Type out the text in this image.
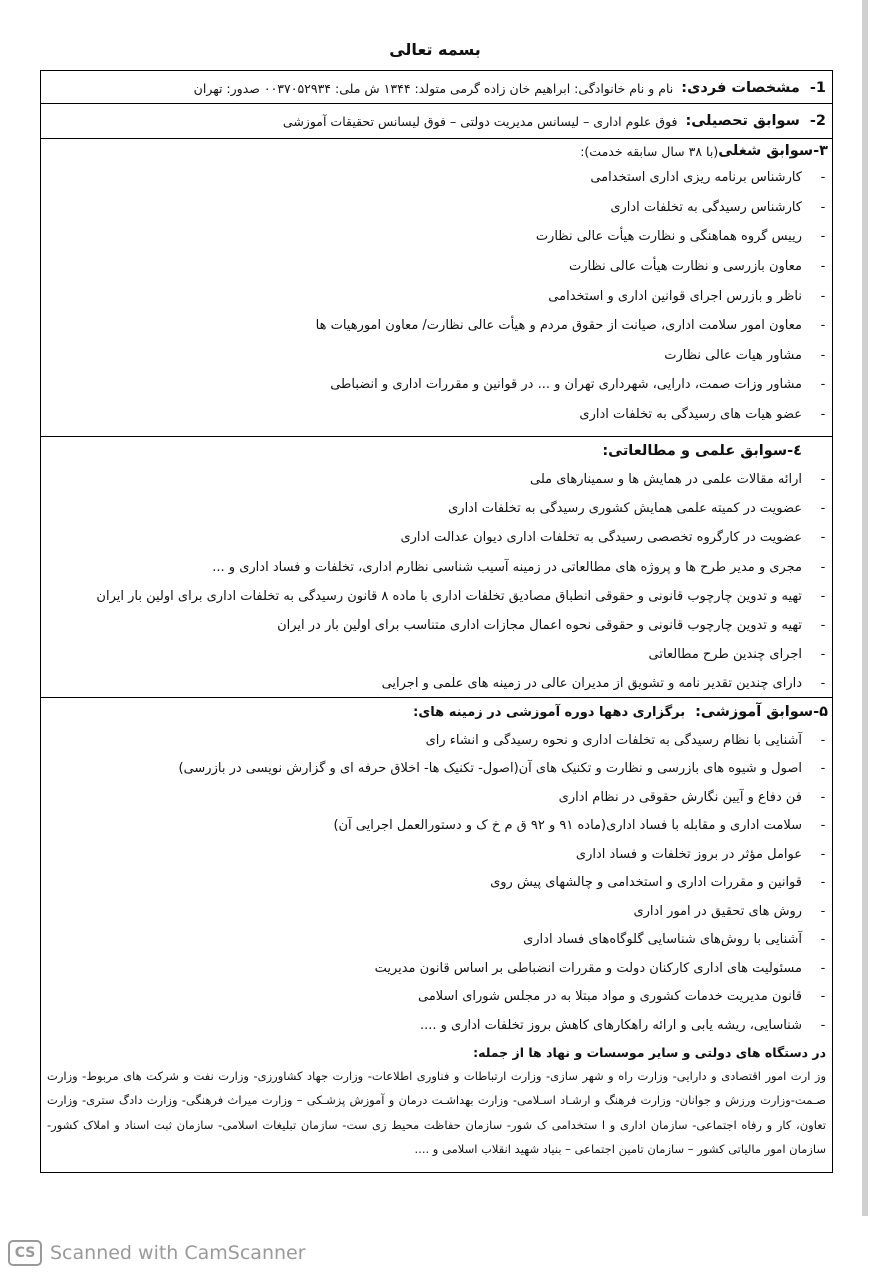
بسمه تعالی
1-
مشخصات فردی:
نام و نام خانوادگی: ابراهیم خان زاده گرمی متولد: ۱۳۴۴ ش ملی: ۰۰۳۷۰۵۲۹۳۴ صدور: تهران
2-
سوابق تحصیلی:
فوق علوم اداری – لیسانس مدیریت دولتی – فوق لیسانس تحقیقات آموزشی
۳-سوابق شغلی
(با ۳۸ سال سابقه خدمت):
-
کارشناس برنامه ریزی اداری استخدامی
-
کارشناس رسیدگی به تخلفات اداری
-
رییس گروه هماهنگی و نظارت هیأت عالی نظارت
-
معاون بازرسی و نظارت هیأت عالی نظارت
-
ناظر و بازرس اجرای قوانین اداری و استخدامی
-
معاون امور سلامت اداری، صیانت از حقوق مردم و هیأت عالی نظارت/ معاون امورهیات ها
-
مشاور هیات عالی نظارت
-
مشاور وزات صمت، دارایی، شهرداری تهران و ... در قوانین و مقررات اداری و انضباطی
-
عضو هیات های رسیدگی به تخلفات اداری
٤-سوابق علمی و مطالعاتی:
-
ارائه مقالات علمی در همایش ها و سمینارهای ملی
-
عضویت در کمیته علمی همایش کشوری رسیدگی به تخلفات اداری
-
عضویت در کارگروه تخصصی رسیدگی به تخلفات اداری دیوان عدالت اداری
-
مجری و مدیر طرح ها و پروژه های مطالعاتی در زمینه آسیب شناسی نظارم اداری، تخلفات و فساد اداری و ...
-
تهیه و تدوین چارچوب قانونی و حقوقی انطباق مصادیق تخلفات اداری با ماده ۸ قانون رسیدگی به تخلفات اداری برای اولین بار ایران
-
تهیه و تدوین چارچوب قانونی و حقوقی نحوه اعمال مجازات اداری متناسب برای اولین بار در ایران
-
اجرای چندین طرح مطالعاتی
-
دارای چندین تقدیر نامه و تشویق از مدیران عالی در زمینه های علمی و اجرایی
۵-سوابق آموزشی:
برگزاری دهها دوره آموزشی در زمینه های:
-
آشنایی با نظام رسیدگی به تخلفات اداری و نحوه رسیدگی و انشاء رای
-
اصول و شیوه های بازرسی و نظارت و تکنیک های آن(اصول- تکنیک ها- اخلاق حرفه ای و گزارش نویسی در بازرسی)
-
فن دفاع و آیین نگارش حقوقی در نظام اداری
-
سلامت اداری و مقابله با فساد اداری(ماده ۹۱ و ۹۲ ق م خ ک و دستورالعمل اجرایی آن)
-
عوامل مؤثر در بروز تخلفات و فساد اداری
-
قوانین و مقررات اداری و استخدامی و چالشهای پیش روی
-
روش های تحقیق در امور اداری
-
آشنایی با روش‌های شناسایی گلوگاه‌های فساد اداری
-
مسئولیت های اداری کارکنان دولت و مقررات انضباطی بر اساس قانون مدیریت
-
قانون مدیریت خدمات کشوری و مواد مبتلا به در مجلس شورای اسلامی
-
شناسایی، ریشه یابی و ارائه راهکارهای کاهش بروز تخلفات اداری و ....
در دستگاه های دولتی و سایر موسسات و نهاد ها از جمله:
وز ارت امور اقتصادی و دارایی- وزارت راه و شهر سازی- وزارت ارتباطات و فناوری اطلاعات- وزارت جهاد کشاورزی- وزارت نفت و شرکت های مربوط- وزارت صـمت-وزارت ورزش و جوانان- وزارت فرهنگ و ارشـاد اسـلامی- وزارت بهداشـت درمان و آموزش پزشـکی – وزارت میراث فرهنگی- وزارت دادگ ستری- وزارت تعاون، کار و رفاه اجتماعی- سازمان اداری و ا ستخدامی ک شور- سازمان حفاظت محیط زی ست- سازمان تبلیغات اسلامی- سازمان ثبت اسناد و املاک کشور- سازمان امور مالیاتی کشور – سازمان تامین اجتماعی – بنیاد شهید انقلاب اسلامی و ....
CS Scanned with CamScanner
